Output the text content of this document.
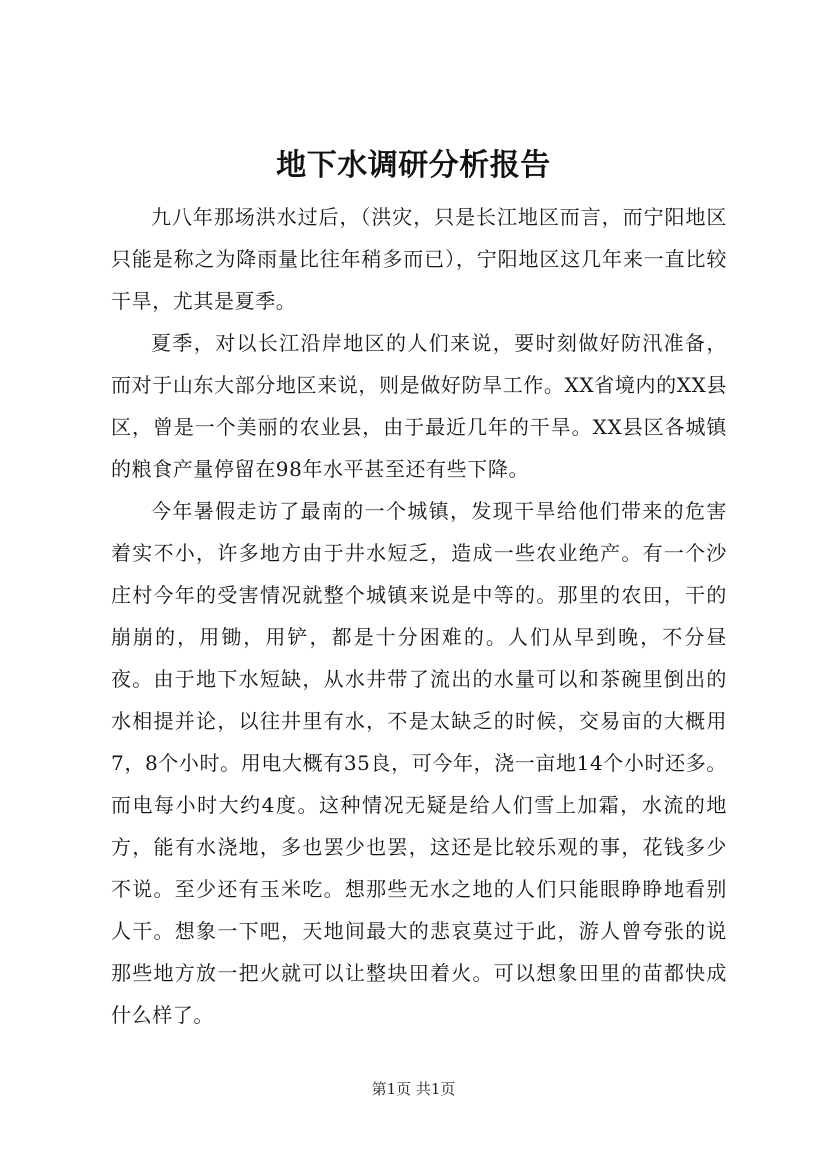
地下水调研分析报告

九八年那场洪水过后，（洪灾，只是长江地区而言，而宁阳地区只能是称之为降雨量比往年稍多而已），宁阳地区这几年来一直比较干旱，尤其是夏季。

夏季，对以长江沿岸地区的人们来说，要时刻做好防汛准备，而对于山东大部分地区来说，则是做好防旱工作。XX省境内的XX县区，曾是一个美丽的农业县，由于最近几年的干旱。XX县区各城镇的粮食产量停留在98年水平甚至还有些下降。

今年暑假走访了最南的一个城镇，发现干旱给他们带来的危害着实不小，许多地方由于井水短乏，造成一些农业绝产。有一个沙庄村今年的受害情况就整个城镇来说是中等的。那里的农田，干的崩崩的，用锄，用铲，都是十分困难的。人们从早到晚，不分昼夜。由于地下水短缺，从水井带了流出的水量可以和茶碗里倒出的水相提并论，以往井里有水，不是太缺乏的时候，交易亩的大概用7，8个小时。用电大概有35良，可今年，浇一亩地14个小时还多。而电每小时大约4度。这种情况无疑是给人们雪上加霜，水流的地方，能有水浇地，多也罢少也罢，这还是比较乐观的事，花钱多少不说。至少还有玉米吃。想那些无水之地的人们只能眼睁睁地看别人干。想象一下吧，天地间最大的悲哀莫过于此，游人曾夸张的说那些地方放一把火就可以让整块田着火。可以想象田里的苗都快成什么样了。

第1页 共1页
